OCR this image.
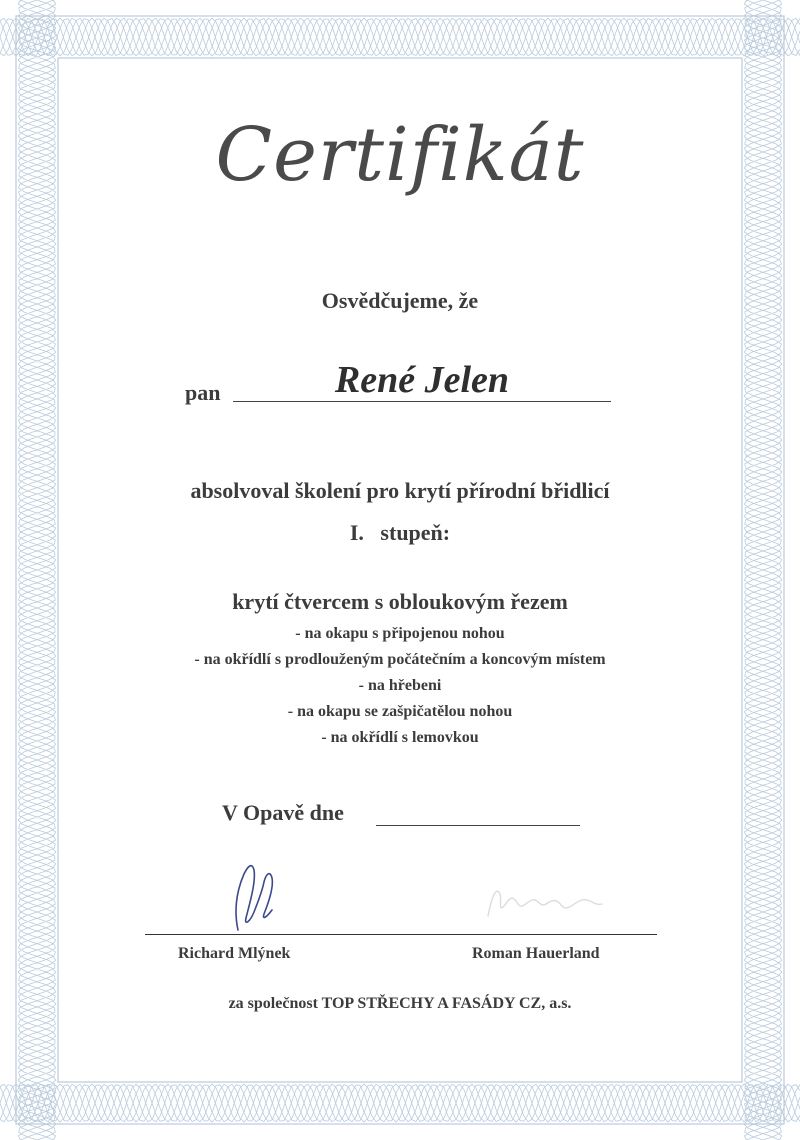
Certifikát
Osvědčujeme, že
pan	René Jelen
absolvoval školení pro krytí přírodní břidlicí
I.   stupeň:
krytí čtvercem s obloukovým řezem
- na okapu s připojenou nohou
- na okřídlí s prodlouženým počátečním a koncovým místem
- na hřebeni
- na okapu se zašpičatělou nohou
- na okřídlí s lemovkou
V Opavě dne
Richard Mlýnek	Roman Hauerland
za společnost TOP STŘECHY A FASÁDY CZ, a.s.
